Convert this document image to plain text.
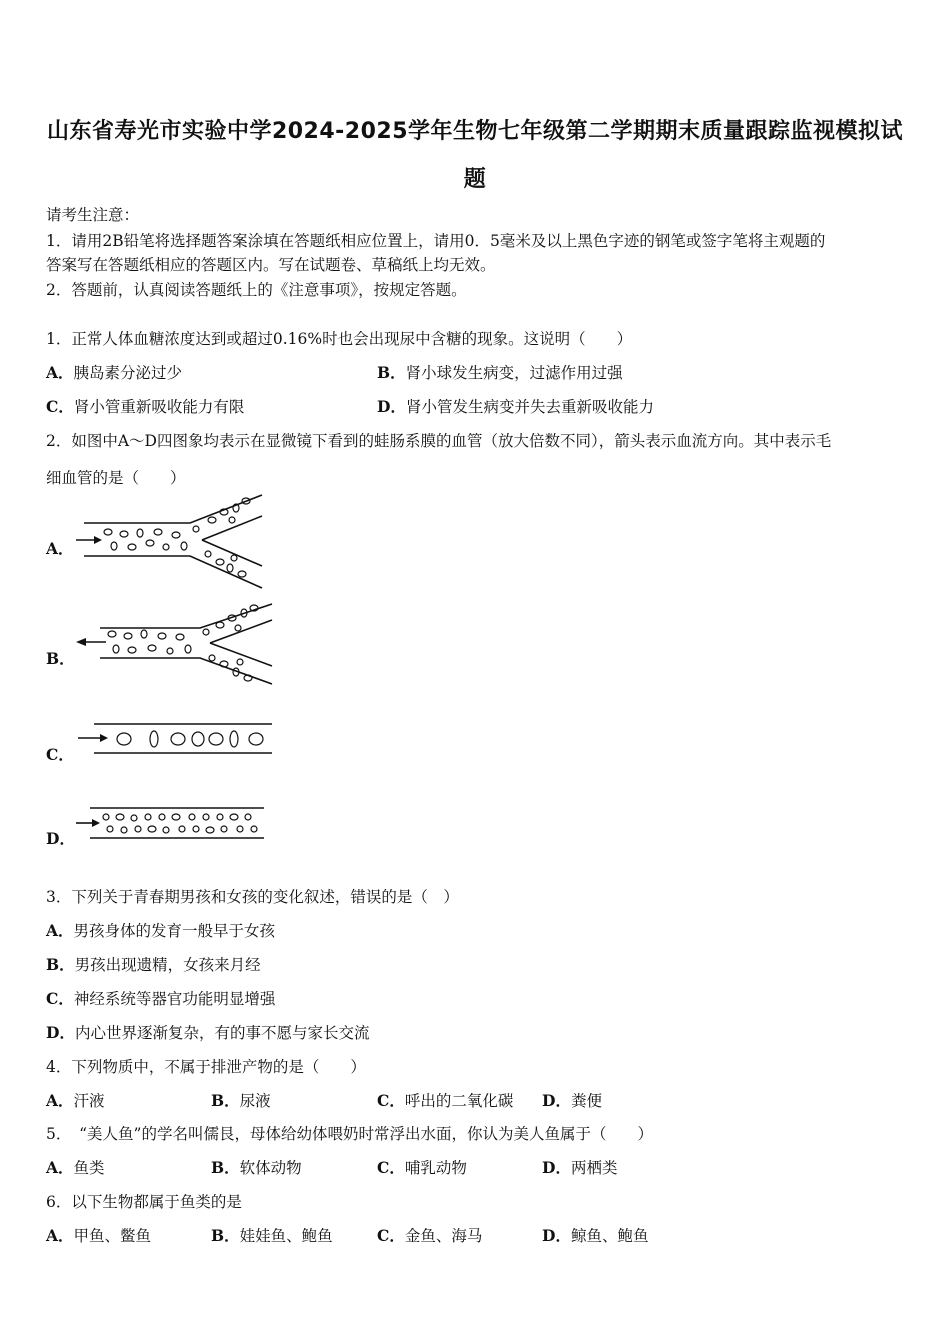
山东省寿光市实验中学2024-2025学年生物七年级第二学期期末质量跟踪监视模拟试
题
请考生注意：
1．请用2B铅笔将选择题答案涂填在答题纸相应位置上，请用0．5毫米及以上黑色字迹的钢笔或签字笔将主观题的
答案写在答题纸相应的答题区内。写在试题卷、草稿纸上均无效。
2．答题前，认真阅读答题纸上的《注意事项》，按规定答题。
1．正常人体血糖浓度达到或超过0.16%时也会出现尿中含糖的现象。这说明（　　）
A．胰岛素分泌过少	B．肾小球发生病变，过滤作用过强
C．肾小管重新吸收能力有限	D．肾小管发生病变并失去重新吸收能力
2．如图中A～D四图象均表示在显微镜下看到的蛙肠系膜的血管（放大倍数不同），箭头表示血流方向。其中表示毛
细血管的是（　　）
A．
B．
C．
D．
3．下列关于青春期男孩和女孩的变化叙述，错误的是（　）
A．男孩身体的发育一般早于女孩
B．男孩出现遗精，女孩来月经
C．神经系统等器官功能明显增强
D．内心世界逐渐复杂，有的事不愿与家长交流
4．下列物质中，不属于排泄产物的是（　　）
A．汗液	B．尿液	C．呼出的二氧化碳 D．粪便
5．　“美人鱼”的学名叫儒艮，母体给幼体喂奶时常浮出水面，你认为美人鱼属于（　　）
A．鱼类	B．软体动物	C．哺乳动物	D．两栖类
6．以下生物都属于鱼类的是
A．甲鱼、鳖鱼	B．娃娃鱼、鲍鱼	C．金鱼、海马	D．鲸鱼、鲍鱼
